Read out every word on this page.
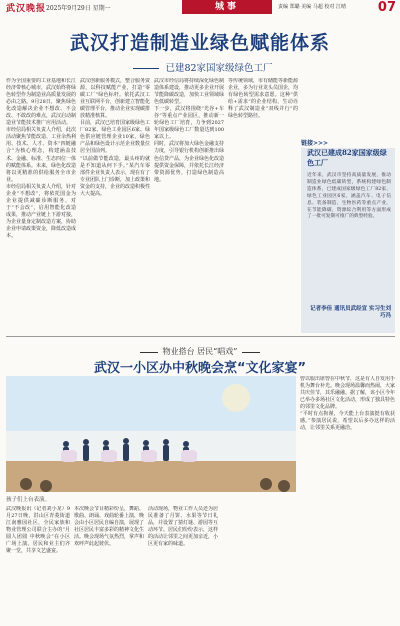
武汉晚报 2025年9月29日 星期一	城事	责编 郑璐 美编 马超 校对 江晴 07
武汉打造制造业绿色赋能体系
已建82家国家级绿色工厂
作为全国重要的工业基地和长江经济带核心城市，武汉始终将绿色转型作为制造业高质量发展的必由之路。9月28日，聚焦绿色化改造解决企业不想改、不会改、不敢改的难点，武汉启动制造业节能技术推广应用活动。
市经信局相关负责人介绍，此次活动聚焦节能改造、工业余热利用、技术、人才、资本“四链融合”为核心理念，构建涵盖技术、金融、标准、生态四位一体的赋能体系。未来，绿色化改造将以更精准的供给服务全市企业。
市经信局相关负责人介绍，针对企业“不想改”，将依托国金为企业提供减碳诊断服务，对于“不会改”，启用智能化改造成果，推动产业链上下游对接，为企业量身定制改造方案，协助企业申请政策资金，降低改造成本。
武汉创新服务模式，整合服务资源，以科技赋能产业，打造“零碳工厂”绿色标杆。依托武汉工业互联网平台，创新建立智能化碳管理平台，推动企业实现碳排放精准核算。
目前，武汉已培育国家级绿色工厂82家、绿色工业园区6家、绿色供应链管理企业10家，绿色产品和绿色设计示范企业数量位居全国前列。
“以前做节能改造，最头疼的就是不知道从何下手。”某汽车零部件企业负责人表示，现在有了专业团队上门诊断，加上政策和资金的支持，企业的改造积极性大大提高。
武汉市经信局将持续深化绿色制造体系建设，推动更多企业开展节能降碳改造，加快工业领域绿色低碳转型。
下一步，武汉将围绕“光谷+车谷”等重点产业园区，推动新一轮绿色工厂培育，力争到2027年国家级绿色工厂数量达到100家以上。
同时，武汉将加大绿色金融支持力度，引导银行机构创新推出绿色信贷产品，为企业绿色化改造提供资金保障，并依托长江经济带资源优势，打造绿色制造高地。
等传统领域，市有储能等新能源企业，多为行业龙头员国企，均有绿色转型需求意愿。这种“供给+需求”的企业结构，生动诠释了武汉制造业“双线并行”的绿色转型路径。
链接>>>
武汉已建成82家国家级绿色工厂
近年来，武汉市坚持高质量发展，推动制造业绿色低碳转型，系统构建绿色制造体系，已建成国家级绿色工厂82家、绿色工业园区6家，涵盖汽车、电子信息、装备制造、生物医药等重点产业，在节能降碳、资源综合利用等方面形成了一批可复制可推广的典型经验。
记者李佳 通讯员武经宣 实习生刘巧冯
物业搭台 居民“唱戏”
武汉一小区办中秋晚会烹“文化家宴”
孩子们上台表演。
武汉晚报讯（记者刘小龙）9月27日晚，洪山区青菱街道江南雅园社区，全民家族和物业管理公司联合主办的“月圆人团圆 中秋晚会”在小区广场上演。居民和业主们齐聚一堂，共享文艺盛宴。
本次晚会节目精彩纷呈，舞蹈、歌曲、朗诵、戏曲轮番上演，晚会由小区居民自编自演，展现了社区居民丰富多彩的精神文化生活。晚会现场气氛热烈，掌声和欢呼声此起彼伏。
活动现场，物业工作人员还为居民准备了月饼、水果等节日礼品，并设置了猜灯谜、游园等互动环节。居民们纷纷表示，这样的活动让邻里之间更加亲近，小区更有家的味道。
曾以服出席曾在中秋节，这是有人自发用手机为舞台补光。晚会现场温馨而热闹，大家共庆佳节，其乐融融。据了解，该小区今年已举办多场社区文化活动，形成了独具特色的邻里文化品牌。
“平时有点拘谨，今天能上台表演挺有收获感。”参演居民说，希望以后多办这样的活动，让邻里关系更融洽。
